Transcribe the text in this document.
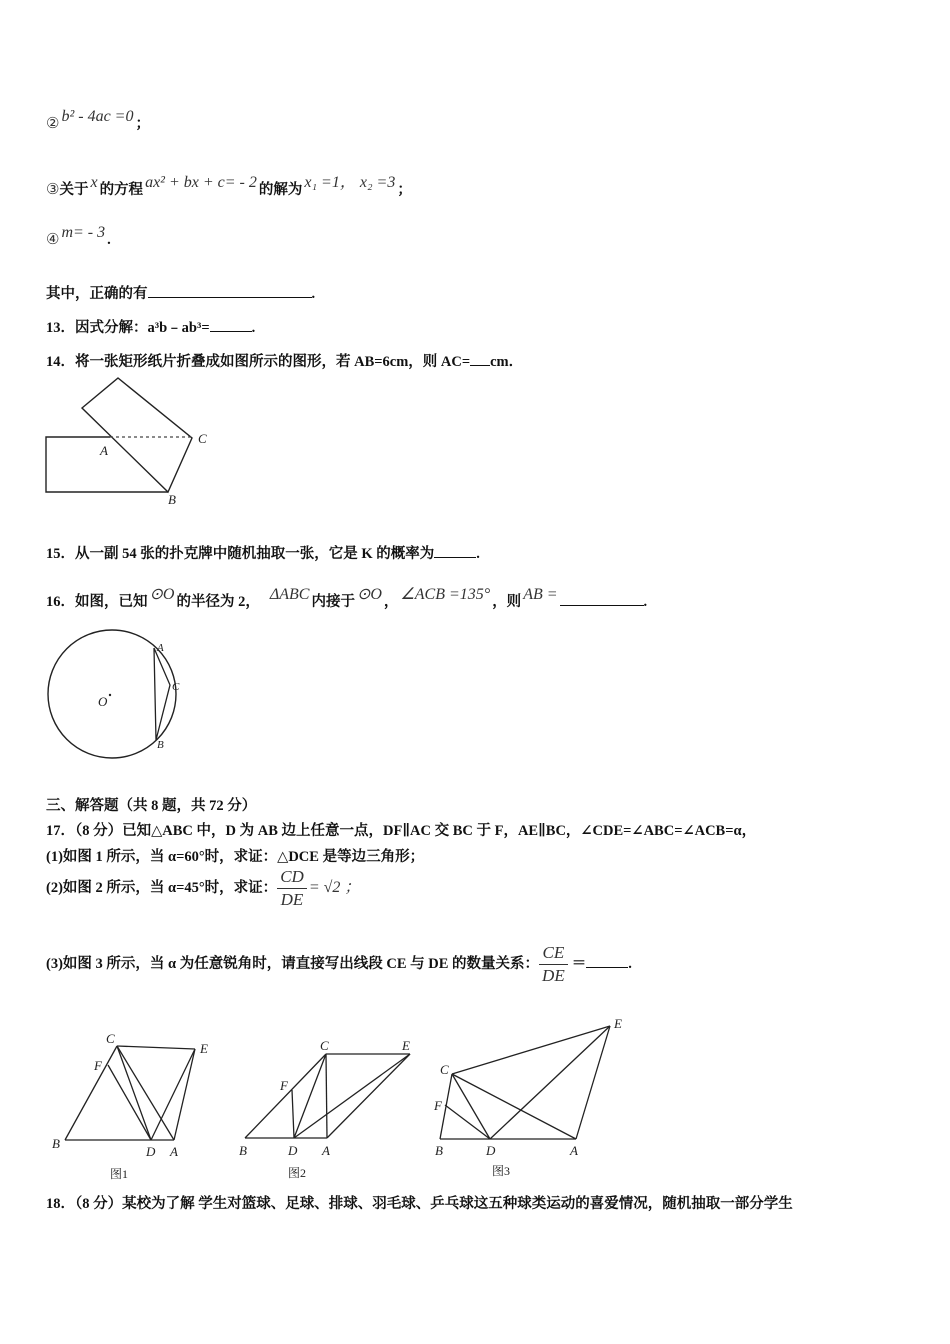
② b² - 4ac =0 ；
③关于 x 的方程 ax² + bx + c= - 2 的解为 x₁ =1， x₂ =3 ；
④ m= - 3 .
其中，正确的有	.
13．因式分解：a³b﹣ab³=	.
14．将一张矩形纸片折叠成如图所示的图形，若 AB=6cm，则 AC= cm．
A
B
C
15．从一副 54 张的扑克牌中随机抽取一张，它是 K 的概率为	.
16．如图，已知 ⊙O 的半径为 2， ΔABC 内接于 ⊙O ， ∠ACB =135° ，则 AB =	.
O
A
C
B
三、解答题（共 8 题，共 72 分）
17．（8 分）已知△ABC 中，D 为 AB 边上任意一点，DF∥AC 交 BC 于 F，AE∥BC，∠CDE=∠ABC=∠ACB=α，
(1)如图 1 所示，当 α=60°时，求证：△DCE 是等边三角形；
(2)如图 2 所示，当 α=45°时，求证： $\frac{CD}{DE} = √2$ ；
(3)如图 3 所示，当 α 为任意锐角时，请直接写出线段 CE 与 DE 的数量关系： $\frac{CE}{DE}$ ＝	.
C
E
F
B
D A
图1
C	E
F
B	D A
图2
C
E
F
B	D	A
图3
18．（8 分）某校为了解 学生对篮球、足球、排球、羽毛球、乒乓球这五种球类运动的喜爱情况，随机抽取一部分学生
